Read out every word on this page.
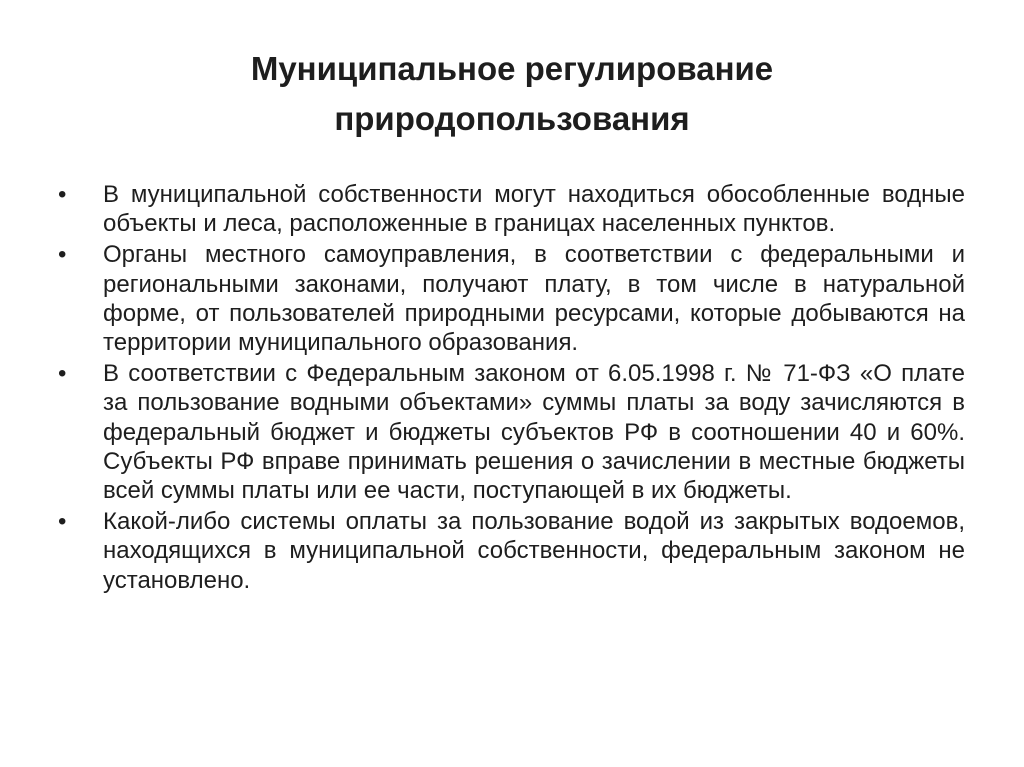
Муниципальное регулирование
природопользования
•	В муниципальной собственности могут находиться обособленные водные объекты и леса, расположенные в границах населенных пунктов.
•	Органы местного самоуправления, в соответствии с федеральными и региональными законами, получают плату, в том числе в натуральной форме, от пользователей природными ресурсами, которые добываются на территории муниципального образования.
•	В соответствии с Федеральным законом от 6.05.1998 г. № 71-ФЗ «О плате за пользование водными объектами» суммы платы за воду зачисляются в федеральный бюджет и бюджеты субъектов РФ в соотношении 40 и 60%. Субъекты РФ вправе принимать решения о зачислении в местные бюджеты всей суммы платы или ее части, поступающей в их бюджеты.
•	Какой-либо системы оплаты за пользование водой из закрытых водоемов, находящихся в муниципальной собственности, федеральным законом не установлено.
